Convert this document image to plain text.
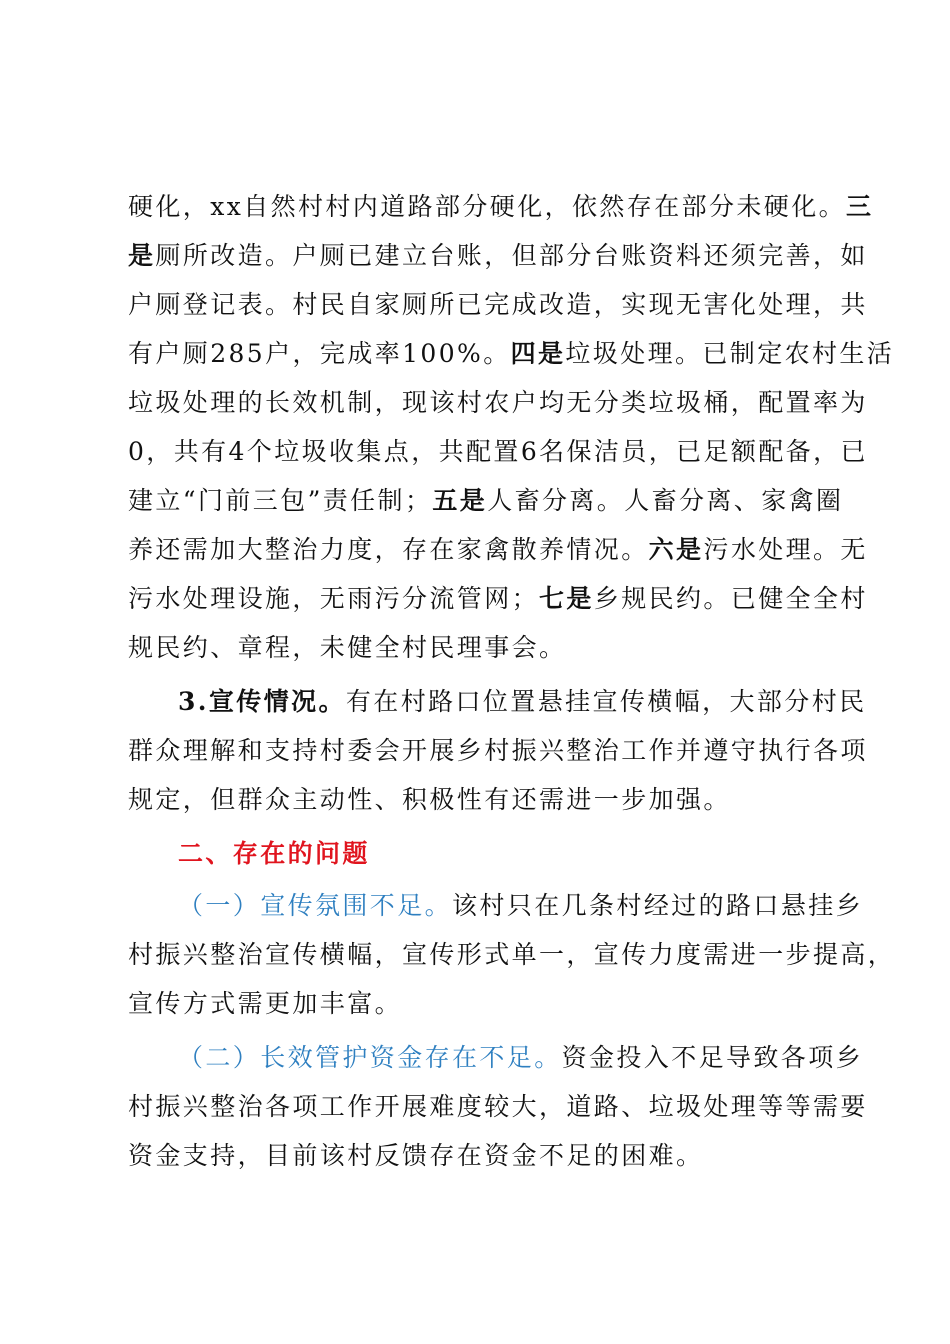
硬化，xx自然村村内道路部分硬化，依然存在部分未硬化。三
是厕所改造。户厕已建立台账，但部分台账资料还须完善，如
户厕登记表。村民自家厕所已完成改造，实现无害化处理，共
有户厕285户，完成率100%。四是垃圾处理。已制定农村生活
垃圾处理的长效机制，现该村农户均无分类垃圾桶，配置率为
0，共有4个垃圾收集点，共配置6名保洁员，已足额配备，已
建立“门前三包”责任制；五是人畜分离。人畜分离、家禽圈
养还需加大整治力度，存在家禽散养情况。六是污水处理。无
污水处理设施，无雨污分流管网；七是乡规民约。已健全全村
规民约、章程，未健全村民理事会。
3.宣传情况。有在村路口位置悬挂宣传横幅，大部分村民
群众理解和支持村委会开展乡村振兴整治工作并遵守执行各项
规定，但群众主动性、积极性有还需进一步加强。
二、存在的问题
（一）宣传氛围不足。该村只在几条村经过的路口悬挂乡
村振兴整治宣传横幅，宣传形式单一，宣传力度需进一步提高，
宣传方式需更加丰富。
（二）长效管护资金存在不足。资金投入不足导致各项乡
村振兴整治各项工作开展难度较大，道路、垃圾处理等等需要
资金支持，目前该村反馈存在资金不足的困难。
